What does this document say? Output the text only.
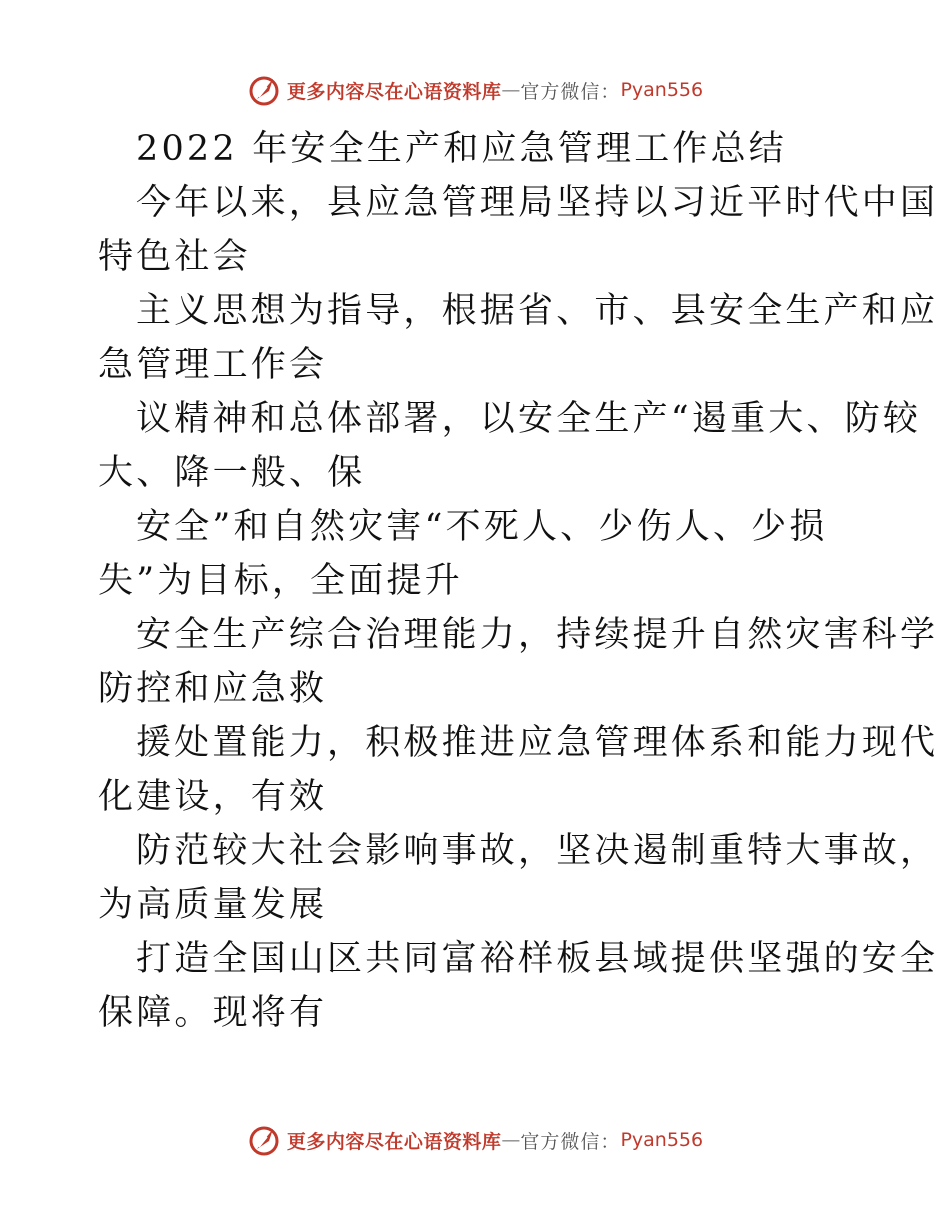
更多内容尽在心语资料库 — 官方微信： Pyan556
2022 年安全生产和应急管理工作总结
今年以来，县应急管理局坚持以习近平时代中国
特色社会
主义思想为指导，根据省、市、县安全生产和应
急管理工作会
议精神和总体部署，以安全生产“遏重大、防较
大、降一般、保
安全”和自然灾害“不死人、少伤人、少损
失”为目标，全面提升
安全生产综合治理能力，持续提升自然灾害科学
防控和应急救
援处置能力，积极推进应急管理体系和能力现代
化建设，有效
防范较大社会影响事故，坚决遏制重特大事故，
为高质量发展
打造全国山区共同富裕样板县域提供坚强的安全
保障。现将有
更多内容尽在心语资料库 — 官方微信： Pyan556
